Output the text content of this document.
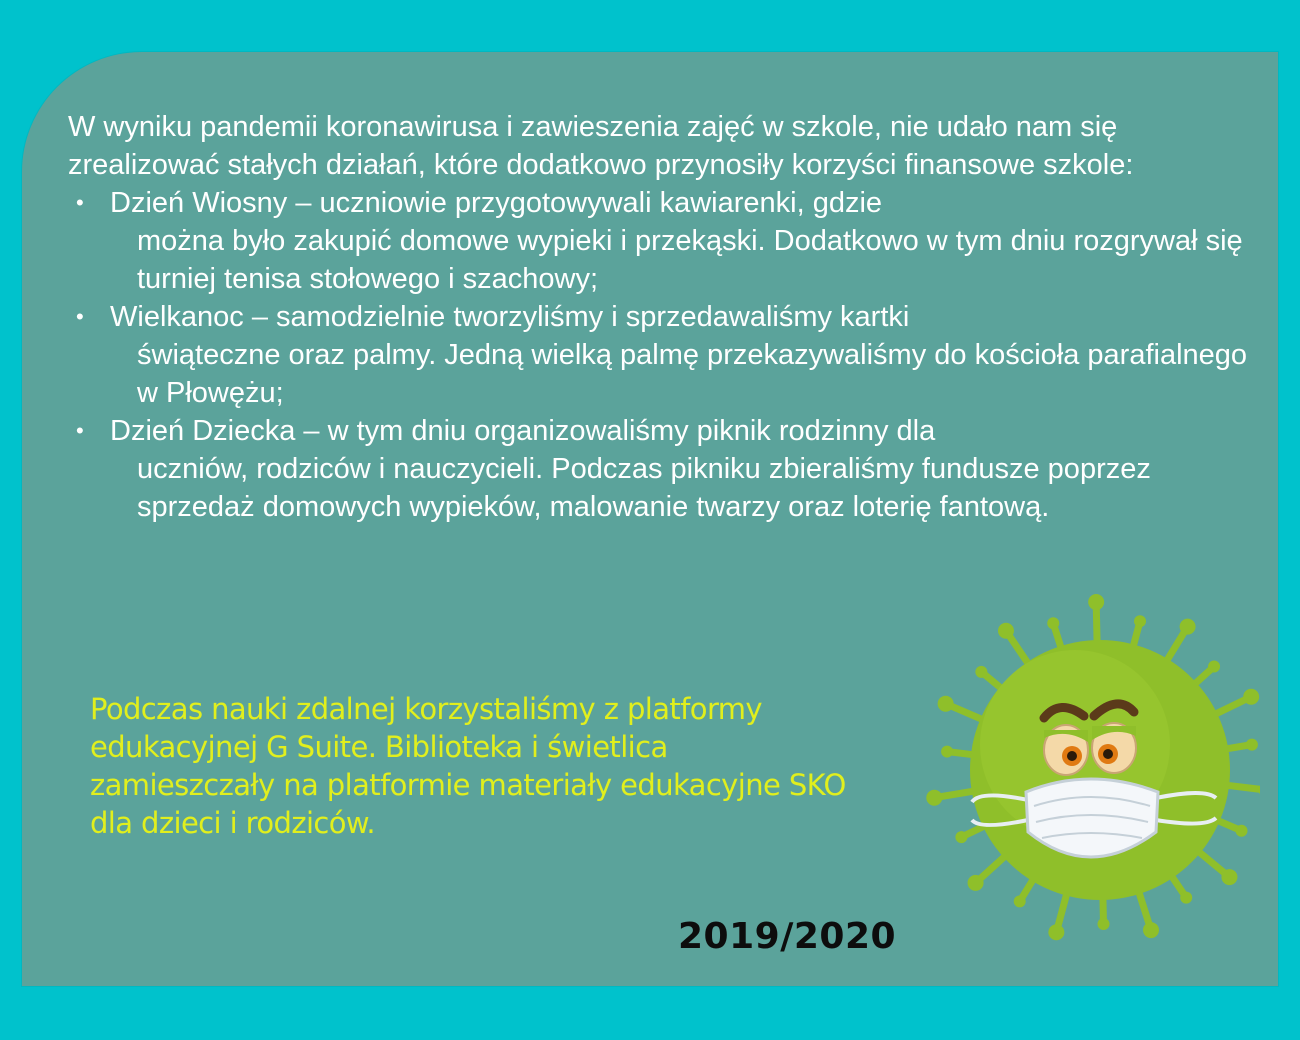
W wyniku pandemii koronawirusa i zawieszenia zajęć w szkole, nie udało nam się zrealizować stałych działań, które dodatkowo przynosiły korzyści finansowe szkole:

• Dzień Wiosny – uczniowie przygotowywali kawiarenki, gdzie
można było zakupić domowe wypieki i przekąski. Dodatkowo w tym dniu rozgrywał się turniej tenisa stołowego i szachowy;
• Wielkanoc – samodzielnie tworzyliśmy i sprzedawaliśmy kartki
świąteczne oraz palmy. Jedną wielką palmę przekazywaliśmy do kościoła parafialnego w Płowężu;
• Dzień Dziecka – w tym dniu organizowaliśmy piknik rodzinny dla
uczniów, rodziców i nauczycieli. Podczas pikniku zbieraliśmy fundusze poprzez sprzedaż domowych wypieków, malowanie twarzy oraz loterię fantową.
Podczas nauki zdalnej korzystaliśmy z platformy edukacyjnej G Suite. Biblioteka i świetlica zamieszczały na platformie materiały edukacyjne SKO dla dzieci i rodziców.
2019/2020
